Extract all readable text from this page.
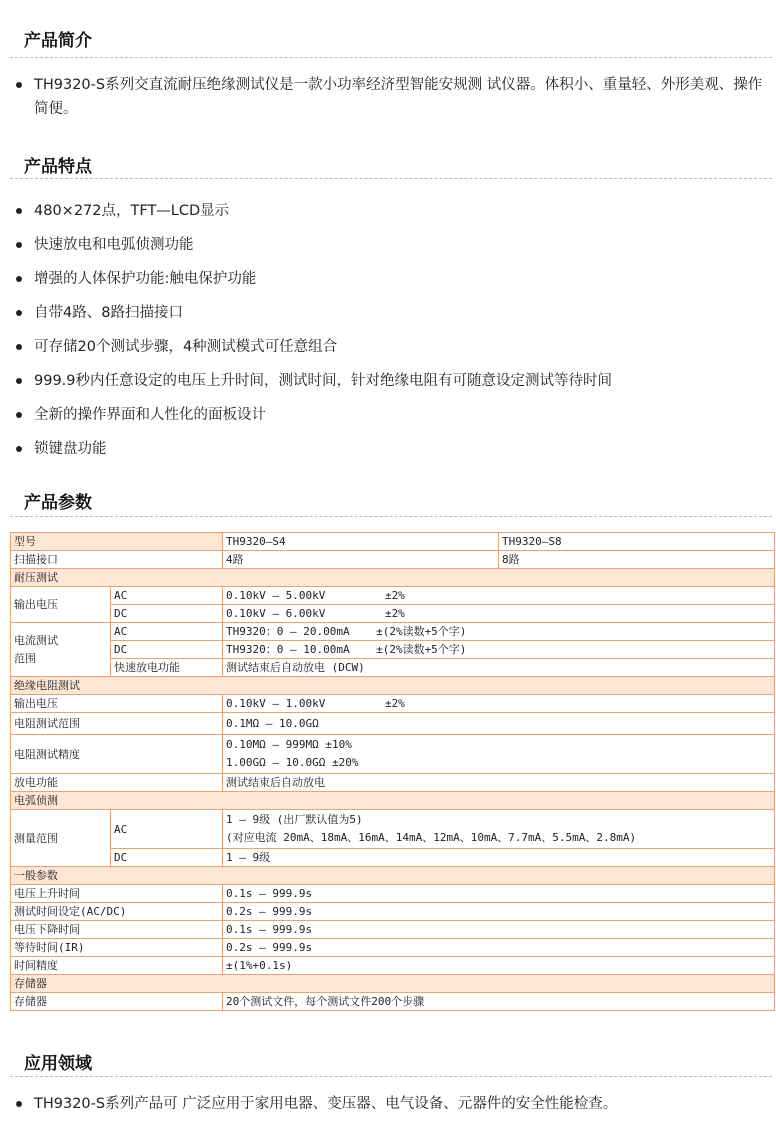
产品简介
TH9320-S系列交直流耐压绝缘测试仪是一款小功率经济型智能安规测 试仪器。体积小、重量轻、外形美观、操作简便。
产品特点
480×272点，TFT—LCD显示
快速放电和电弧侦测功能
增强的人体保护功能:触电保护功能
自带4路、8路扫描接口
可存储20个测试步骤，4种测试模式可任意组合
999.9秒内任意设定的电压上升时间，测试时间，针对绝缘电阻有可随意设定测试等待时间
全新的操作界面和人性化的面板设计
锁键盘功能
产品参数
型号		TH9320—S4	TH9320—S8
扫描接口		4路	8路
耐压测试			
输出电压	AC	0.10kV — 5.00kV         ±2%	
	DC	0.10kV — 6.00kV         ±2%	

电流测试
范围	AC	TH9320：0 — 20.00mA    ±(2%读数+5个字)	
	DC	TH9320：0 — 10.00mA    ±(2%读数+5个字)	
	快速放电功能	测试结束后自动放电 (DCW)	
绝缘电阻测试			
输出电压		0.10kV — 1.00kV         ±2%	
电阻测试范围		0.1MΩ — 10.0GΩ	
电阻测试精度		0.10MΩ — 999MΩ ±10%
1.00GΩ — 10.0GΩ ±20%	

放电功能		测试结束后自动放电	
电弧侦测			
测量范围	AC	1 — 9级 (出厂默认值为5)
(对应电流 20mA、18mA、16mA、14mA、12mA、10mA、7.7mA、5.5mA、2.8mA)	

	DC	1 — 9级	
一般参数			
电压上升时间		0.1s — 999.9s	
测试时间设定(AC/DC)		0.2s — 999.9s	
电压下降时间		0.1s — 999.9s	
等待时间(IR)		0.2s — 999.9s	
时间精度		±(1%+0.1s)	
存储器			
存储器		20个测试文件，每个测试文件200个步骤	
应用领域
TH9320-S系列产品可 广泛应用于家用电器、变压器、电气设备、元器件的安全性能检查。
